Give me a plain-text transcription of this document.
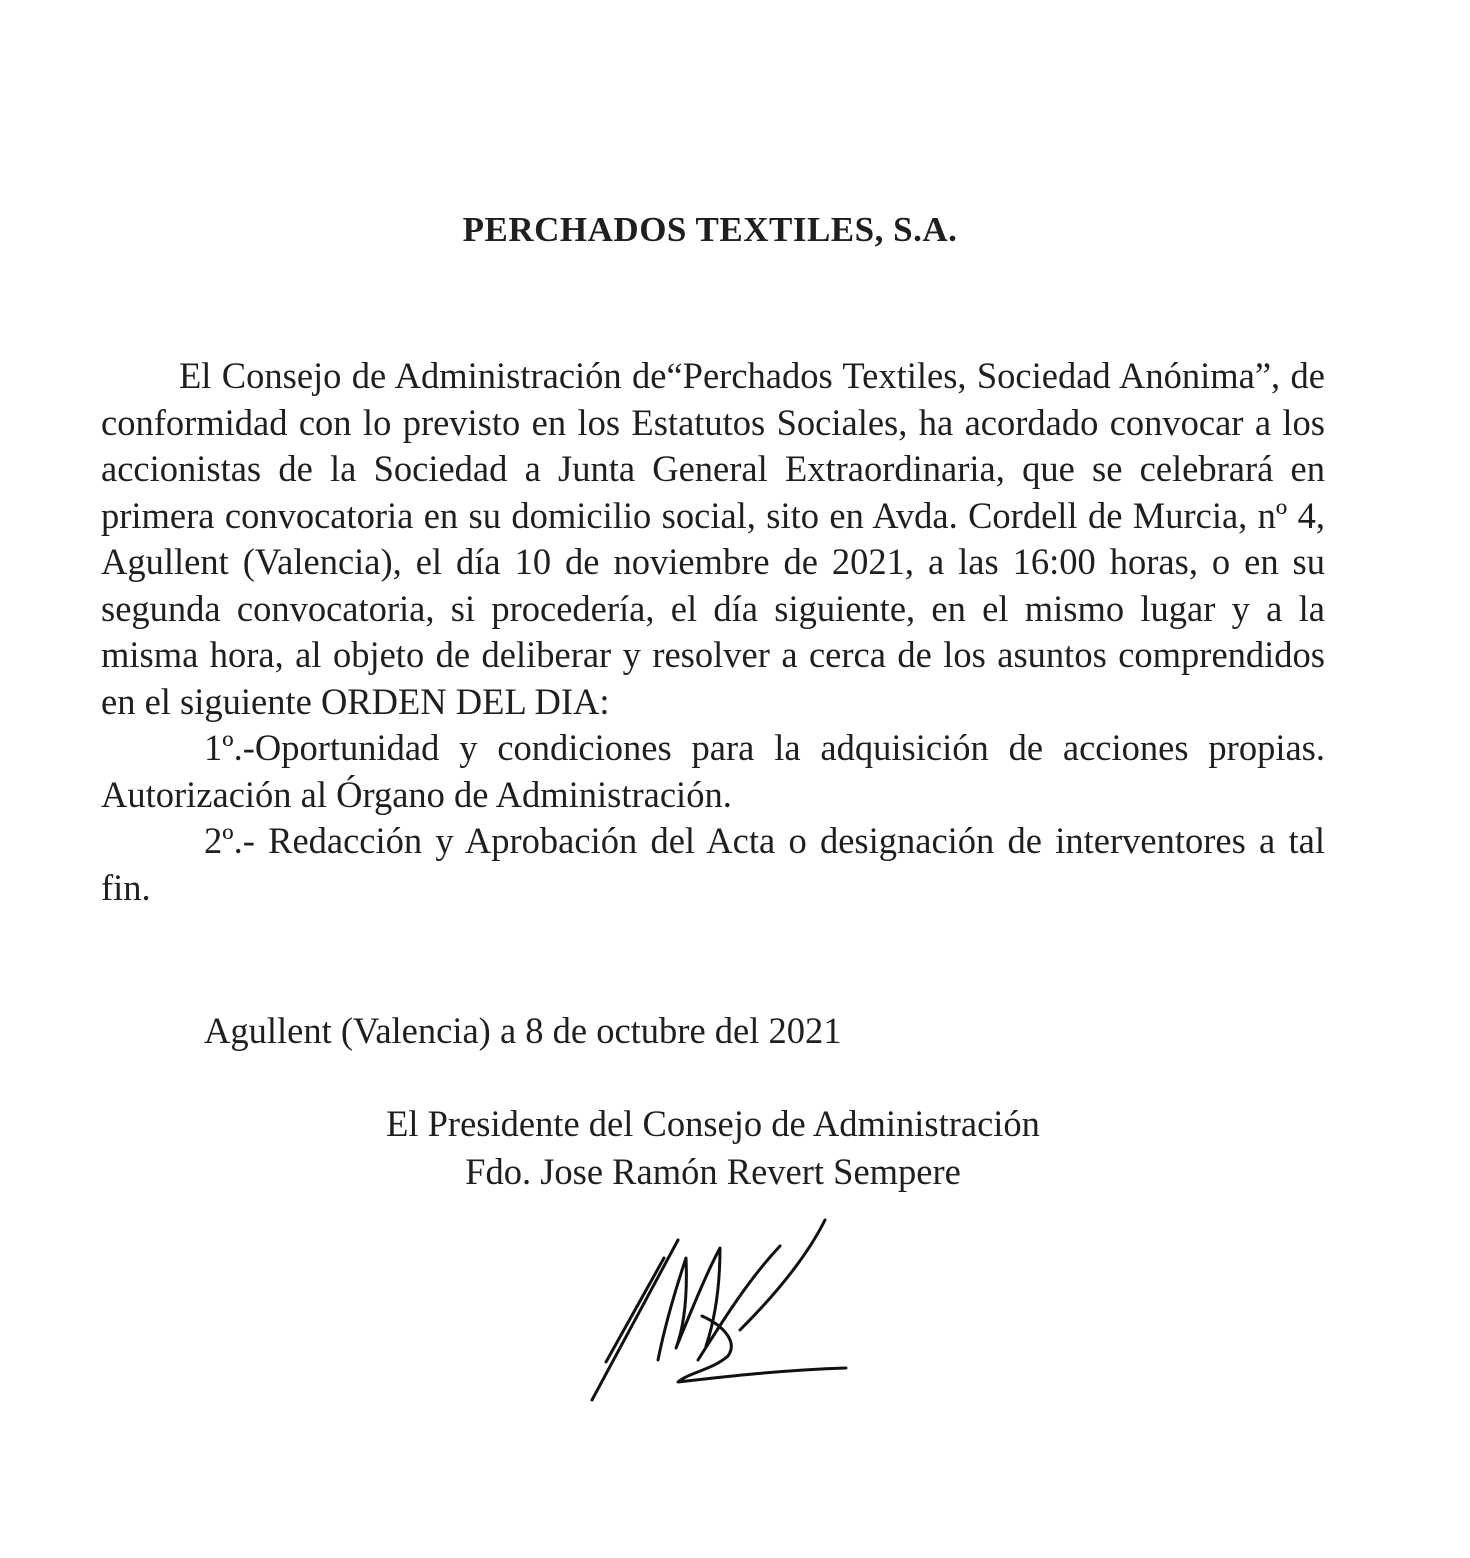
PERCHADOS TEXTILES, S.A.

El Consejo de Administración de“Perchados Textiles, Sociedad Anónima”, de conformidad con lo previsto en los Estatutos Sociales, ha acordado convocar a los accionistas de la Sociedad a Junta General Extraordinaria, que se celebrará en primera convocatoria en su domicilio social, sito en Avda. Cordell de Murcia, nº 4, Agullent (Valencia), el día 10 de noviembre de 2021, a las 16:00 horas, o en su segunda convocatoria, si procedería, el día siguiente, en el mismo lugar y a la misma hora, al objeto de deliberar y resolver a cerca de los asuntos comprendidos en el siguiente ORDEN DEL DIA:

1º.-Oportunidad y condiciones para la adquisición de acciones propias. Autorización al Órgano de Administración.

2º.- Redacción y Aprobación del Acta o designación de interventores a tal fin.

Agullent (Valencia) a 8 de octubre del 2021
El Presidente del Consejo de Administración
Fdo. Jose Ramón Revert Sempere
